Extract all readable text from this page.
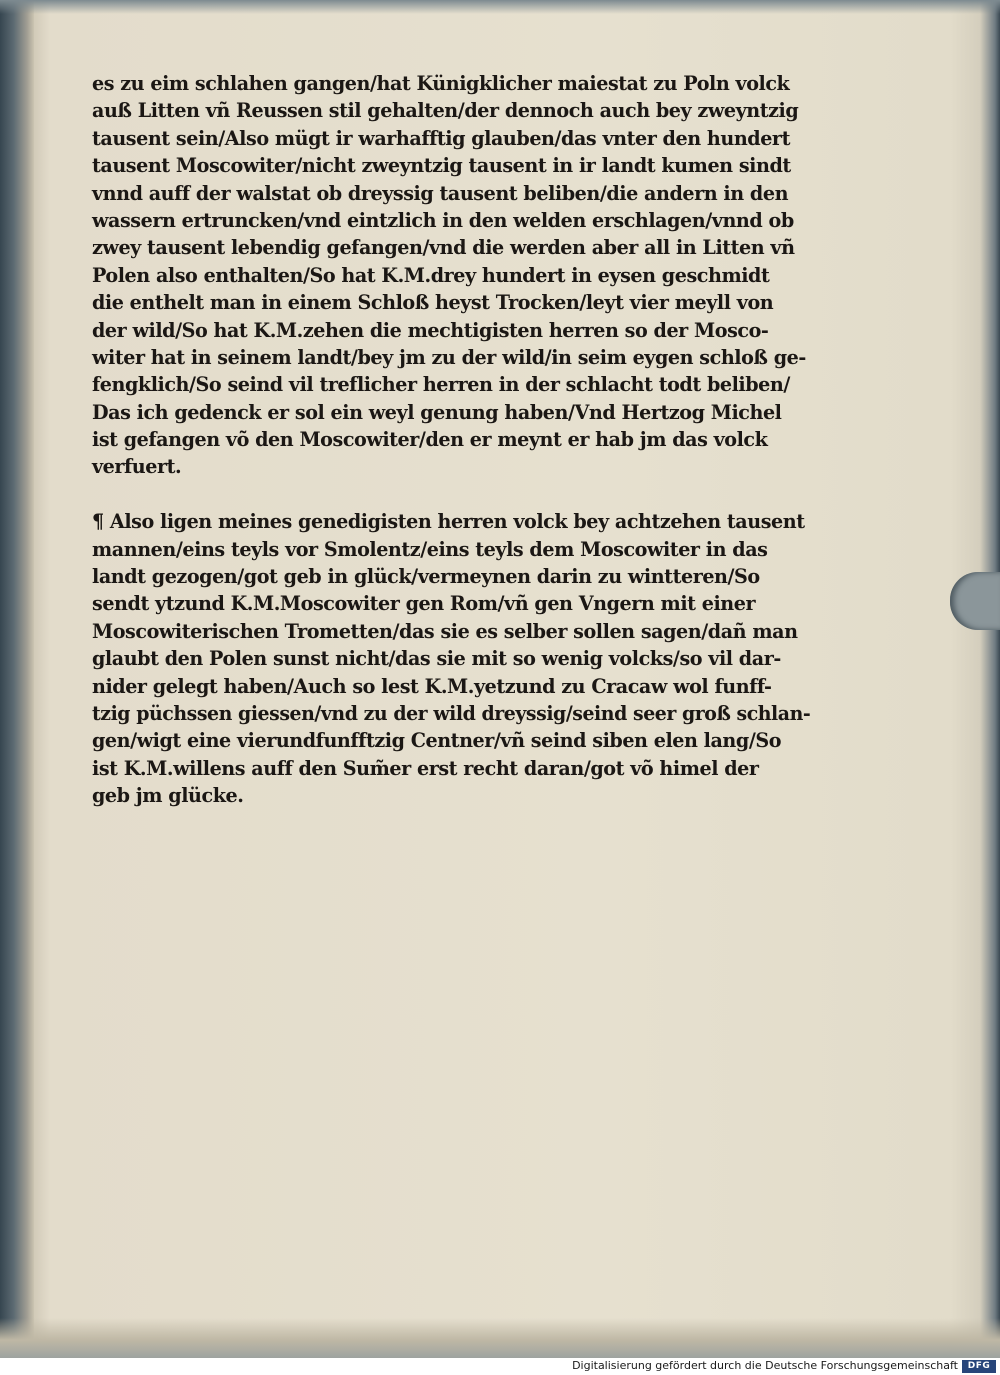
es zu eim schlahen gangen/hat Künigklicher maiestat zu Poln volck
auß Litten vñ Reussen stil gehalten/der dennoch auch bey zweyntzig
tausent sein/Also mügt ir warhafftig glauben/das vnter den hundert
tausent Moscowiter/nicht zweyntzig tausent in ir landt kumen sindt
vnnd auff der walstat ob dreyssig tausent beliben/die andern in den
wassern ertruncken/vnd eintzlich in den welden erschlagen/vnnd ob
zwey tausent lebendig gefangen/vnd die werden aber all in Litten vñ
Polen also enthalten/So hat K.M.drey hundert in eysen geschmidt
die enthelt man in einem Schloß heyst Trocken/leyt vier meyll von
der wild/So hat K.M.zehen die mechtigisten herren so der Mosco-
witer hat in seinem landt/bey jm zu der wild/in seim eygen schloß ge-
fengklich/So seind vil treflicher herren in der schlacht todt beliben/
Das ich gedenck er sol ein weyl genung haben/Vnd Hertzog Michel
ist gefangen võ den Moscowiter/den er meynt er hab jm das volck
verfuert.
¶ Also ligen meines genedigisten herren volck bey achtzehen tausent
mannen/eins teyls vor Smolentz/eins teyls dem Moscowiter in das
landt gezogen/got geb in glück/vermeynen darin zu wintteren/So
sendt ytzund K.M.Moscowiter gen Rom/vñ gen Vngern mit einer
Moscowiterischen Trometten/das sie es selber sollen sagen/dañ man
glaubt den Polen sunst nicht/das sie mit so wenig volcks/so vil dar-
nider gelegt haben/Auch so lest K.M.yetzund zu Cracaw wol funff-
tzig püchssen giessen/vnd zu der wild dreyssig/seind seer groß schlan-
gen/wigt eine vierundfunfftzig Centner/vñ seind siben elen lang/So
ist K.M.willens auff den Sum̃er erst recht daran/got võ himel der
geb jm glücke.
Digitalisierung gefördert durch die Deutsche Forschungsgemeinschaft	DFG
